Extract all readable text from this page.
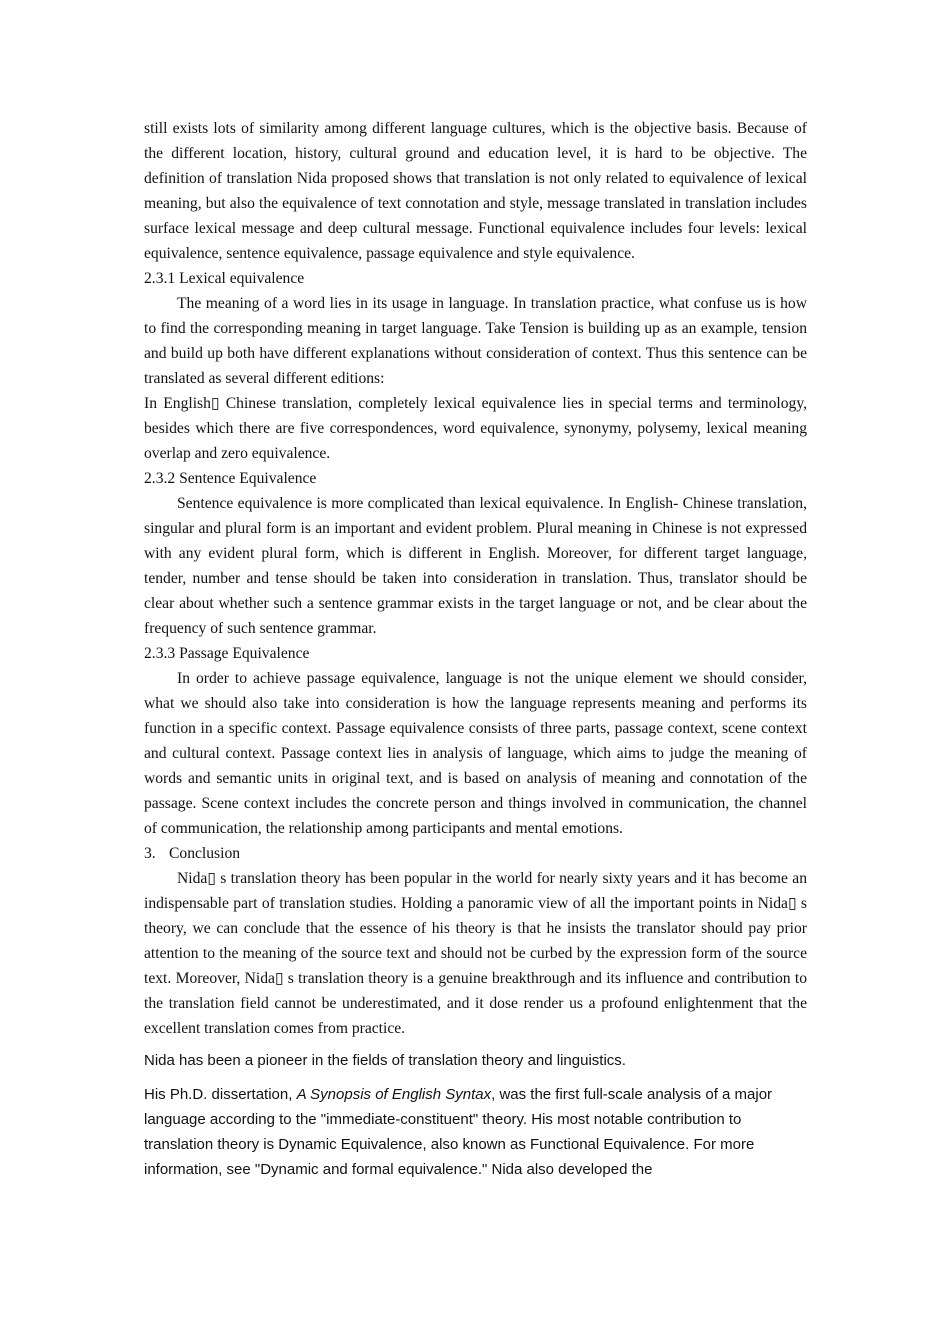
still exists lots of similarity among different language cultures, which is the objective basis. Because of the different location, history, cultural ground and education level, it is hard to be objective. The definition of translation Nida proposed shows that translation is not only related to equivalence of lexical meaning, but also the equivalence of text connotation and style, message translated in translation includes surface lexical message and deep cultural message. Functional equivalence includes four levels: lexical equivalence, sentence equivalence, passage equivalence and style equivalence.

2.3.1 Lexical equivalence

The meaning of a word lies in its usage in language. In translation practice, what confuse us is how to find the corresponding meaning in target language. Take Tension is building up as an example, tension and build up both have different explanations without consideration of context. Thus this sentence can be translated as several different editions:

In English▯ Chinese translation, completely lexical equivalence lies in special terms and terminology, besides which there are five correspondences, word equivalence, synonymy, polysemy, lexical meaning overlap and zero equivalence.

2.3.2 Sentence Equivalence

Sentence equivalence is more complicated than lexical equivalence. In English- Chinese translation, singular and plural form is an important and evident problem. Plural meaning in Chinese is not expressed with any evident plural form, which is different in English. Moreover, for different target language, tender, number and tense should be taken into consideration in translation. Thus, translator should be clear about whether such a sentence grammar exists in the target language or not, and be clear about the frequency of such sentence grammar.

2.3.3 Passage Equivalence

In order to achieve passage equivalence, language is not the unique element we should consider, what we should also take into consideration is how the language represents meaning and performs its function in a specific context. Passage equivalence consists of three parts, passage context, scene context and cultural context. Passage context lies in analysis of language, which aims to judge the meaning of words and semantic units in original text, and is based on analysis of meaning and connotation of the passage. Scene context includes the concrete person and things involved in communication, the channel of communication, the relationship among participants and mental emotions.

3. Conclusion

Nida▯ s translation theory has been popular in the world for nearly sixty years and it has become an indispensable part of translation studies. Holding a panoramic view of all the important points in Nida▯ s theory, we can conclude that the essence of his theory is that he insists the translator should pay prior attention to the meaning of the source text and should not be curbed by the expression form of the source text. Moreover, Nida▯ s translation theory is a genuine breakthrough and its influence and contribution to the translation field cannot be underestimated, and it dose render us a profound enlightenment that the excellent translation comes from practice.

Nida has been a pioneer in the fields of translation theory and linguistics.

His Ph.D. dissertation, A Synopsis of English Syntax, was the first full-scale analysis of a major language according to the "immediate-constituent" theory. His most notable contribution to translation theory is Dynamic Equivalence, also known as Functional Equivalence. For more information, see "Dynamic and formal equivalence." Nida also developed the
